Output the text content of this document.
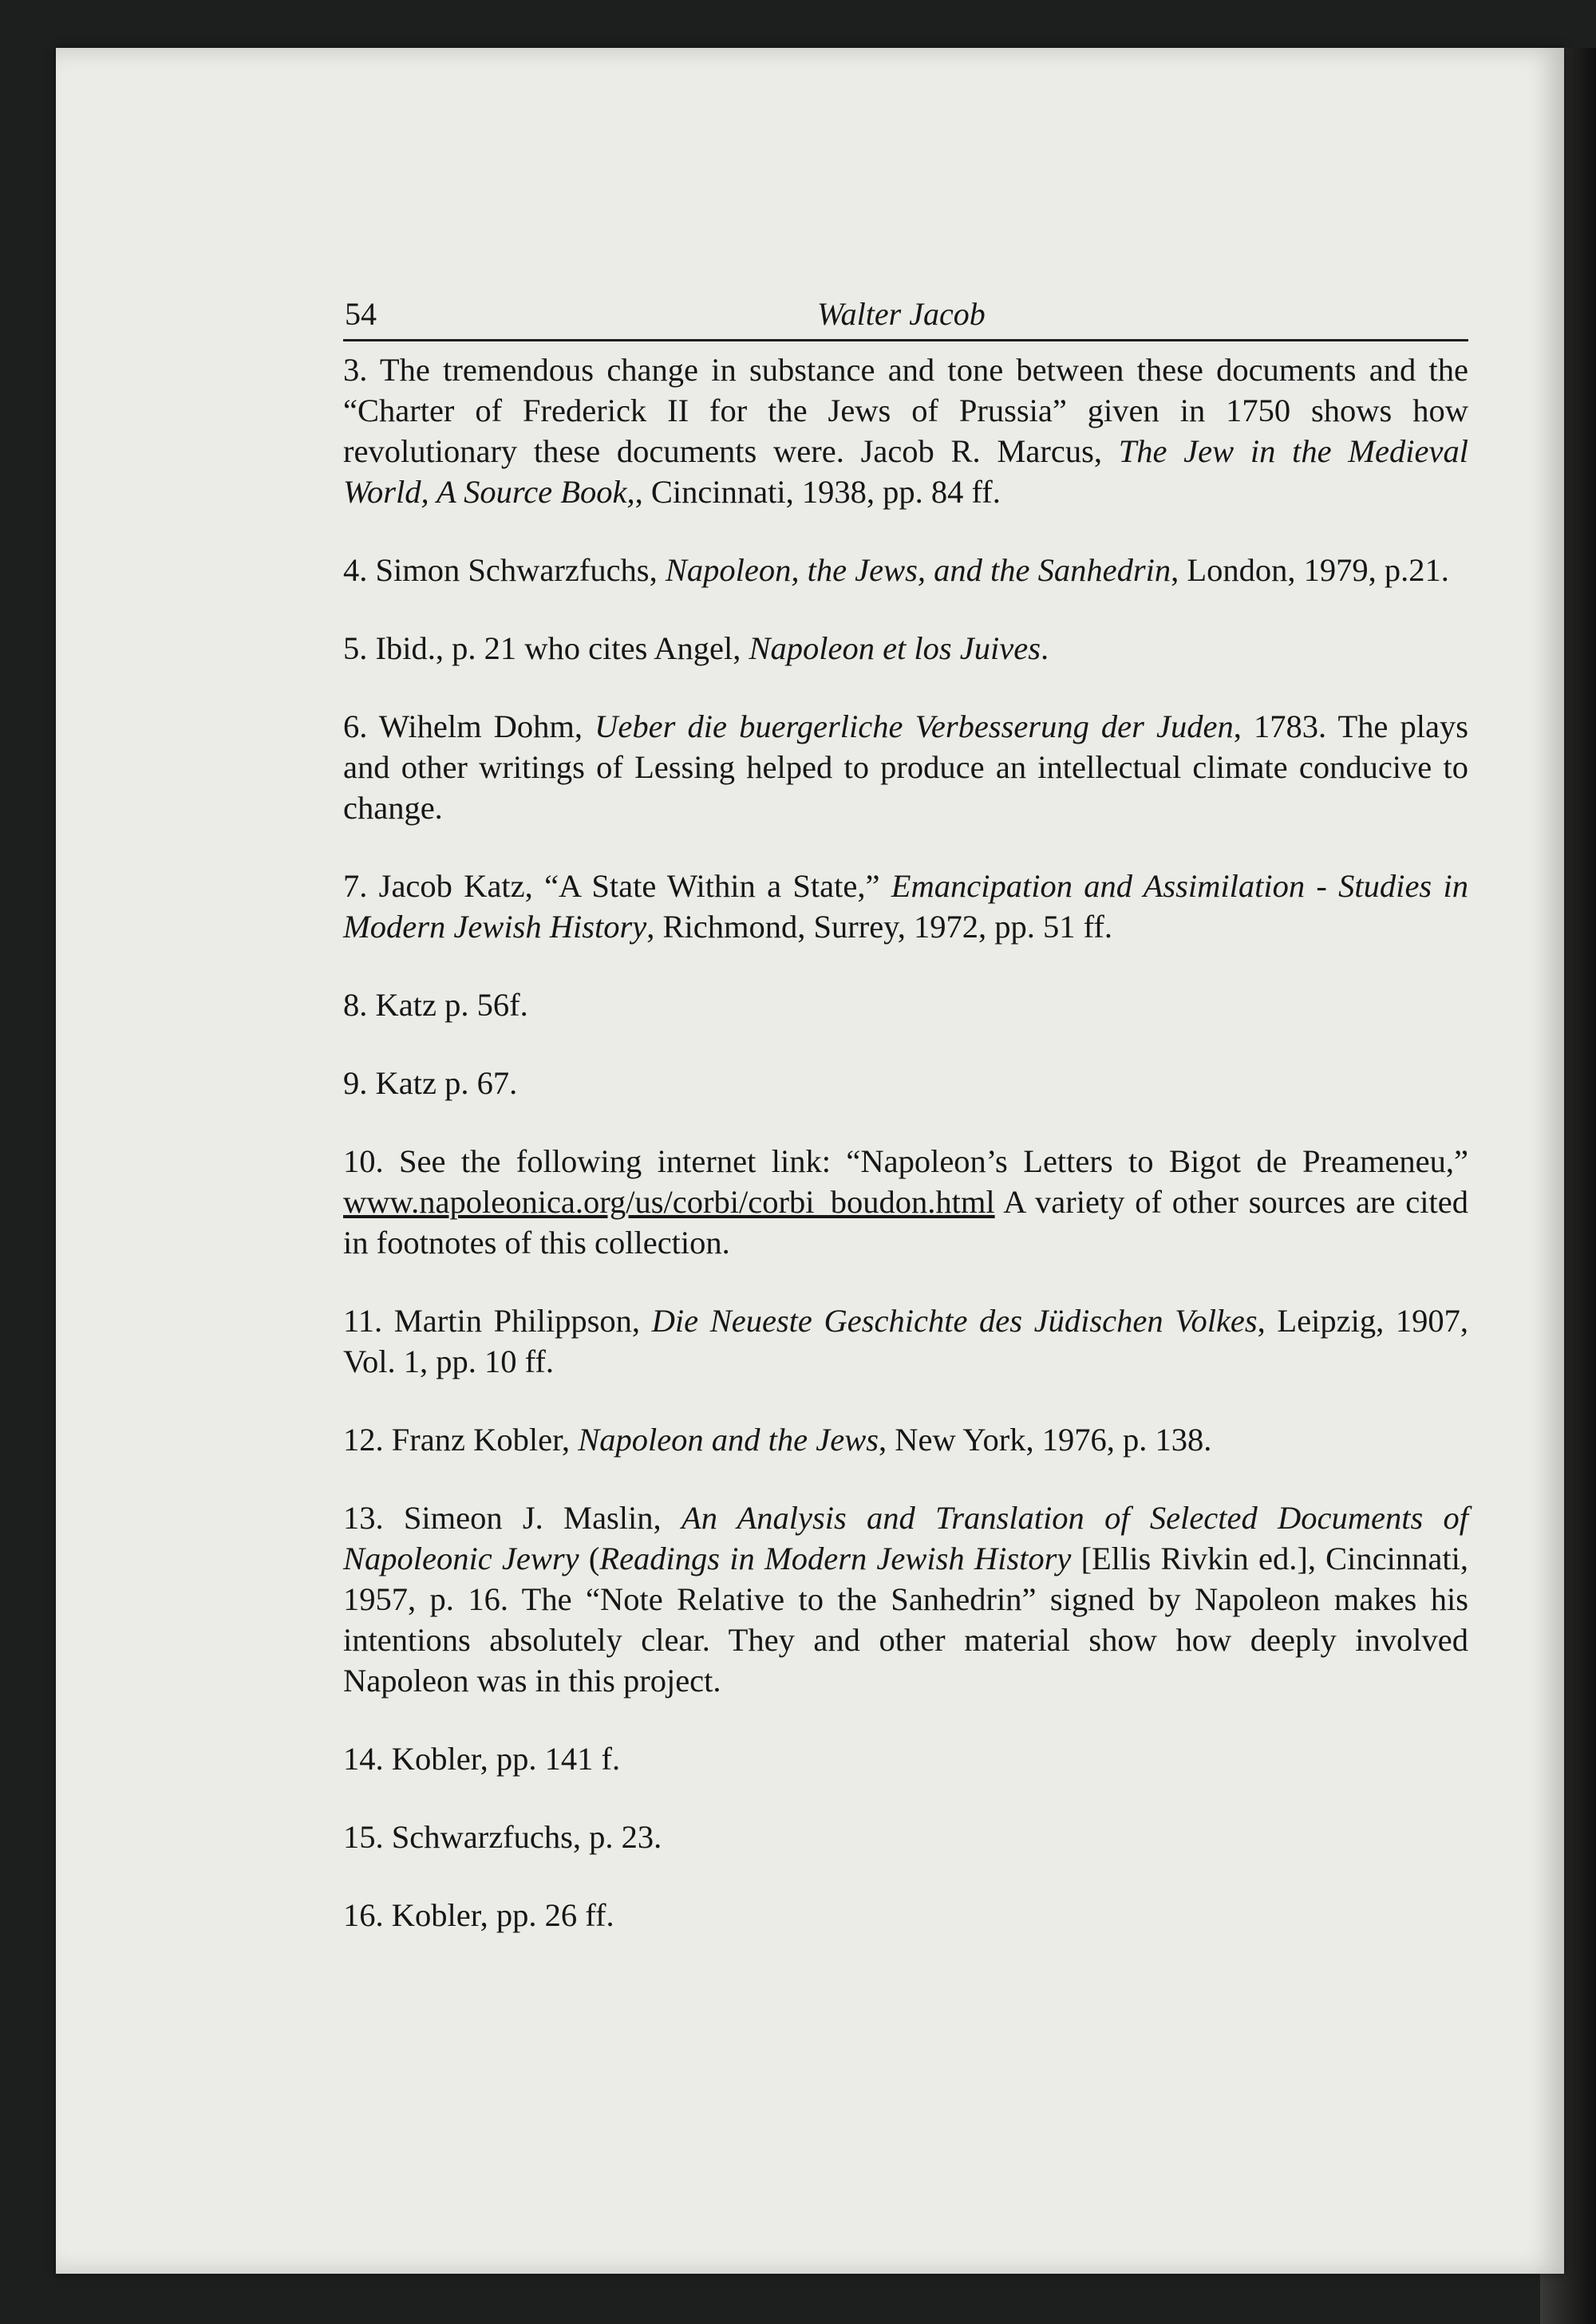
54	Walter Jacob
3. The tremendous change in substance and tone between these documents and the “Charter of Frederick II for the Jews of Prussia” given in 1750 shows how revolutionary these documents were. Jacob R. Marcus, The Jew in the Medieval World, A Source Book,, Cincinnati, 1938, pp. 84 ff.
4. Simon Schwarzfuchs, Napoleon, the Jews, and the Sanhedrin, London, 1979, p.21.
5. Ibid., p. 21 who cites Angel, Napoleon et los Juives.
6. Wihelm Dohm, Ueber die buergerliche Verbesserung der Juden, 1783. The plays and other writings of Lessing helped to produce an intellectual climate conducive to change.
7. Jacob Katz, “A State Within a State,” Emancipation and Assimilation - Studies in Modern Jewish History, Richmond, Surrey, 1972, pp. 51 ff.
8. Katz p. 56f.
9. Katz p. 67.
10. See the following internet link: “Napoleon’s Letters to Bigot de Preameneu,” www.napoleonica.org/us/corbi/corbi_boudon.html A variety of other sources are cited in footnotes of this collection.
11. Martin Philippson, Die Neueste Geschichte des Jüdischen Volkes, Leipzig, 1907, Vol. 1, pp. 10 ff.
12. Franz Kobler, Napoleon and the Jews, New York, 1976, p. 138.
13. Simeon J. Maslin, An Analysis and Translation of Selected Documents of Napoleonic Jewry (Readings in Modern Jewish History [Ellis Rivkin ed.], Cincinnati, 1957, p. 16. The “Note Relative to the Sanhedrin” signed by Napoleon makes his intentions absolutely clear. They and other material show how deeply involved Napoleon was in this project.
14. Kobler, pp. 141 f.
15. Schwarzfuchs, p. 23.
16. Kobler, pp. 26 ff.
